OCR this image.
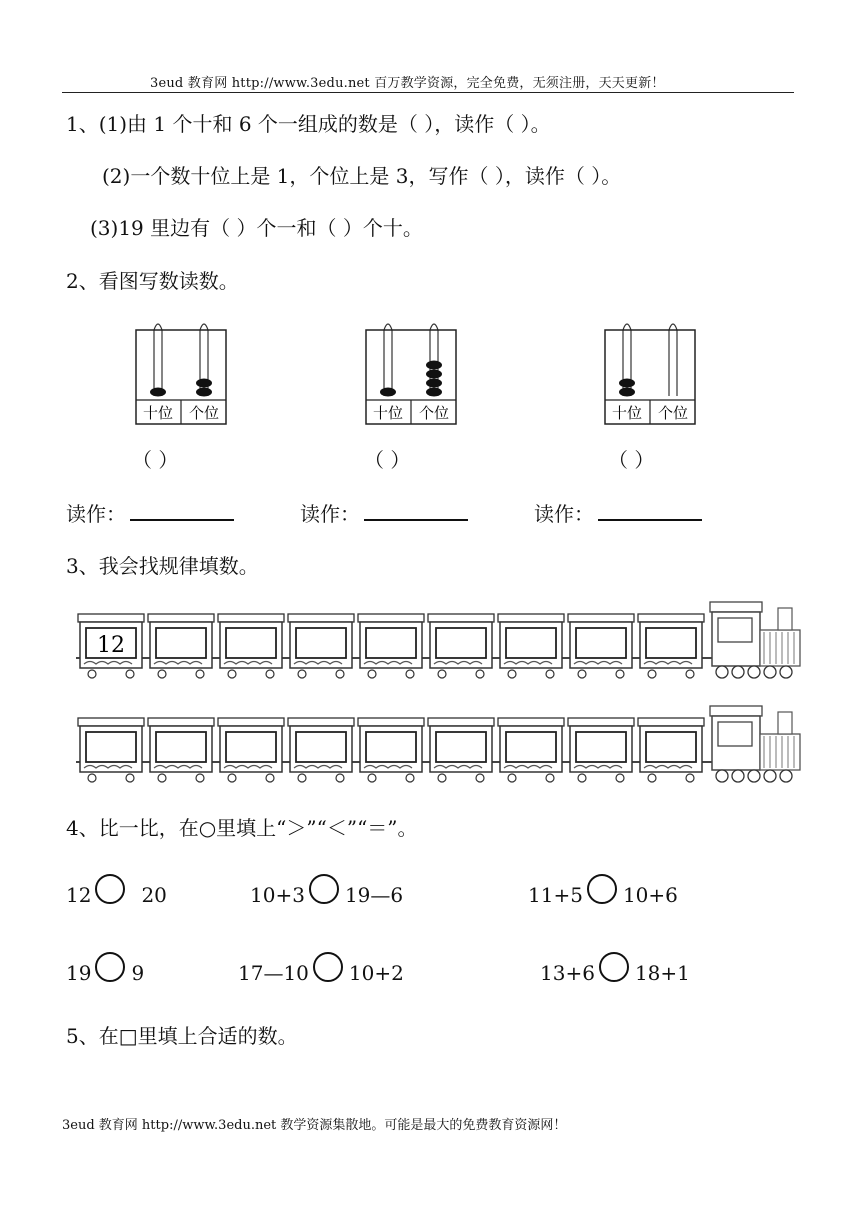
3eud 教育网 http://www.3edu.net 百万教学资源，完全免费，无须注册，天天更新！
1、(1)由 1 个十和 6 个一组成的数是（ ），读作（ ）。
(2)一个数十位上是 1，个位上是 3，写作（ ），读作（ ）。
(3)19 里边有（ ）个一和（ ）个十。
2、看图写数读数。
十位 个位	十位 个位	十位 个位
（ ）	（ ）	（ ）
读作：	读作：	读作：
3、我会找规律填数。
12
4、比一比，在○里填上“＞”“＜”“＝”。
12	20	10+3 19—6	11+5 10+6
19 9	17—10 10+2	13+6 18+1
5、在□里填上合适的数。
3eud 教育网 http://www.3edu.net 教学资源集散地。可能是最大的免费教育资源网！
